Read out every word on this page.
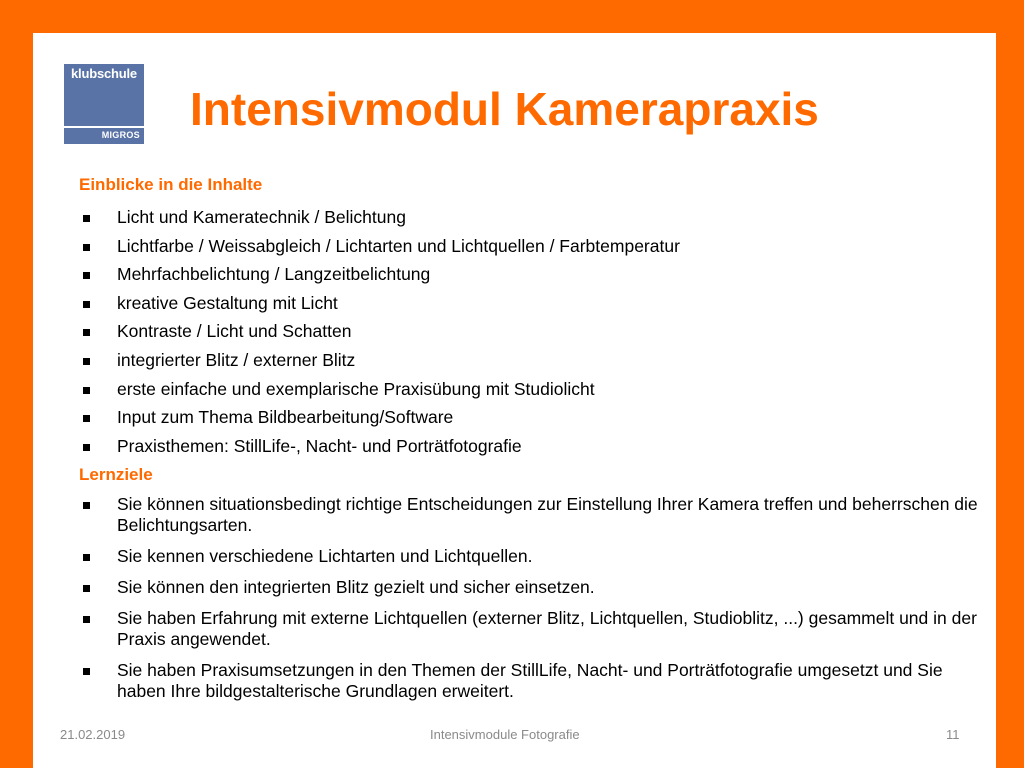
klubschule
MIGROS Intensivmodul Kamerapraxis
Einblicke in die Inhalte
Licht und Kameratechnik / Belichtung
Lichtfarbe / Weissabgleich / Lichtarten und Lichtquellen / Farbtemperatur
Mehrfachbelichtung / Langzeitbelichtung
kreative Gestaltung mit Licht
Kontraste / Licht und Schatten
integrierter Blitz / externer Blitz
erste einfache und exemplarische Praxisübung mit Studiolicht
Input zum Thema Bildbearbeitung/Software
Praxisthemen: StillLife-, Nacht- und Porträtfotografie
Lernziele
Sie können situationsbedingt richtige Entscheidungen zur Einstellung Ihrer Kamera treffen und beherrschen die Belichtungsarten.
Sie kennen verschiedene Lichtarten und Lichtquellen.
Sie können den integrierten Blitz gezielt und sicher einsetzen.
Sie haben Erfahrung mit externe Lichtquellen (externer Blitz, Lichtquellen, Studioblitz, ...) gesammelt und in der Praxis angewendet.
Sie haben Praxisumsetzungen in den Themen der StillLife, Nacht- und Porträtfotografie umgesetzt und Sie haben Ihre bildgestalterische Grundlagen erweitert.
21.02.2019	Intensivmodule Fotografie	11
